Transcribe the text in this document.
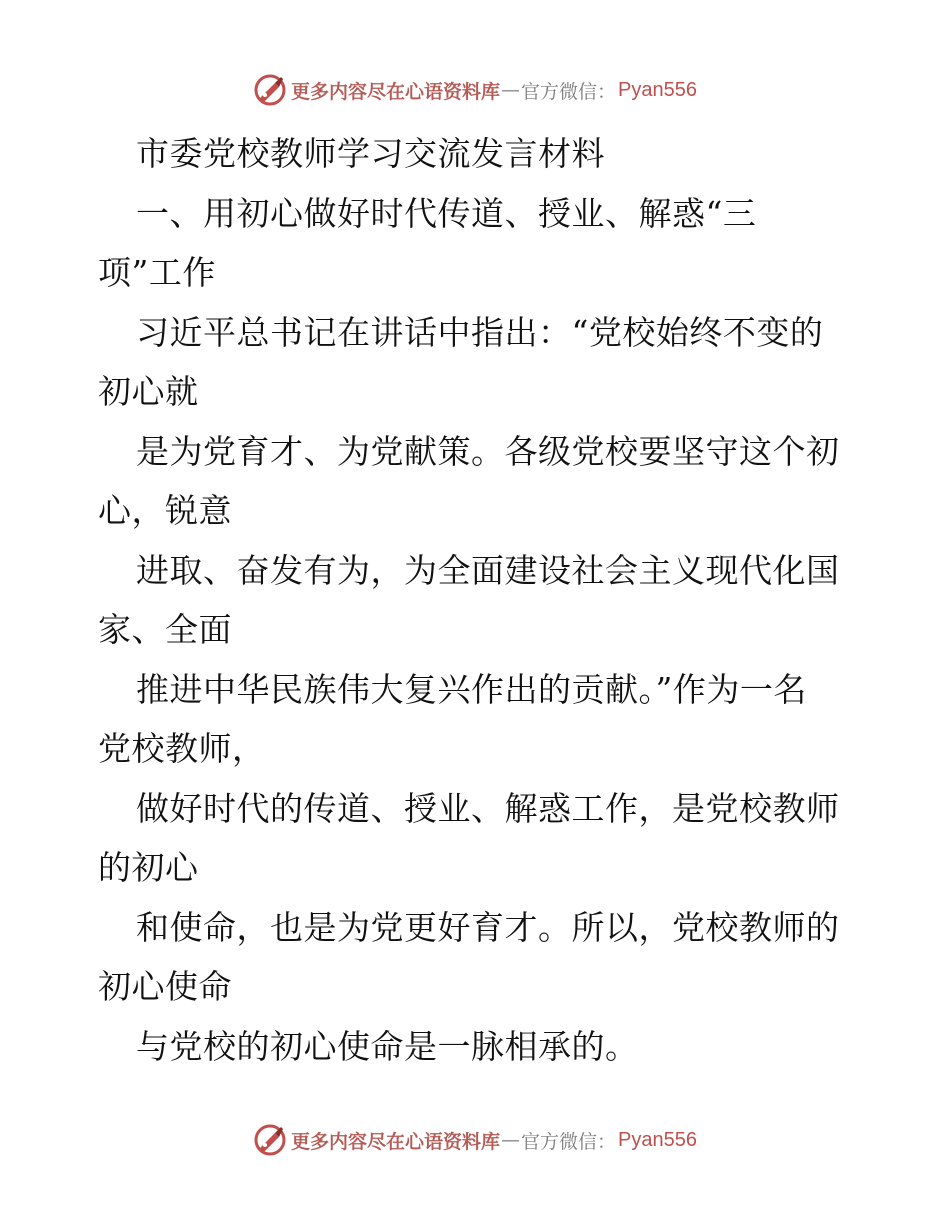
更多内容尽在心语资料库 — 官方微信： Pyan556
市委党校教师学习交流发言材料
一、用初心做好时代传道、授业、解惑“三
项”工作
习近平总书记在讲话中指出：“党校始终不变的
初心就
是为党育才、为党献策。各级党校要坚守这个初
心，锐意
进取、奋发有为，为全面建设社会主义现代化国
家、全面
推进中华民族伟大复兴作出的贡献。”作为一名
党校教师，
做好时代的传道、授业、解惑工作，是党校教师
的初心
和使命，也是为党更好育才。所以，党校教师的
初心使命
与党校的初心使命是一脉相承的。
更多内容尽在心语资料库 — 官方微信： Pyan556
